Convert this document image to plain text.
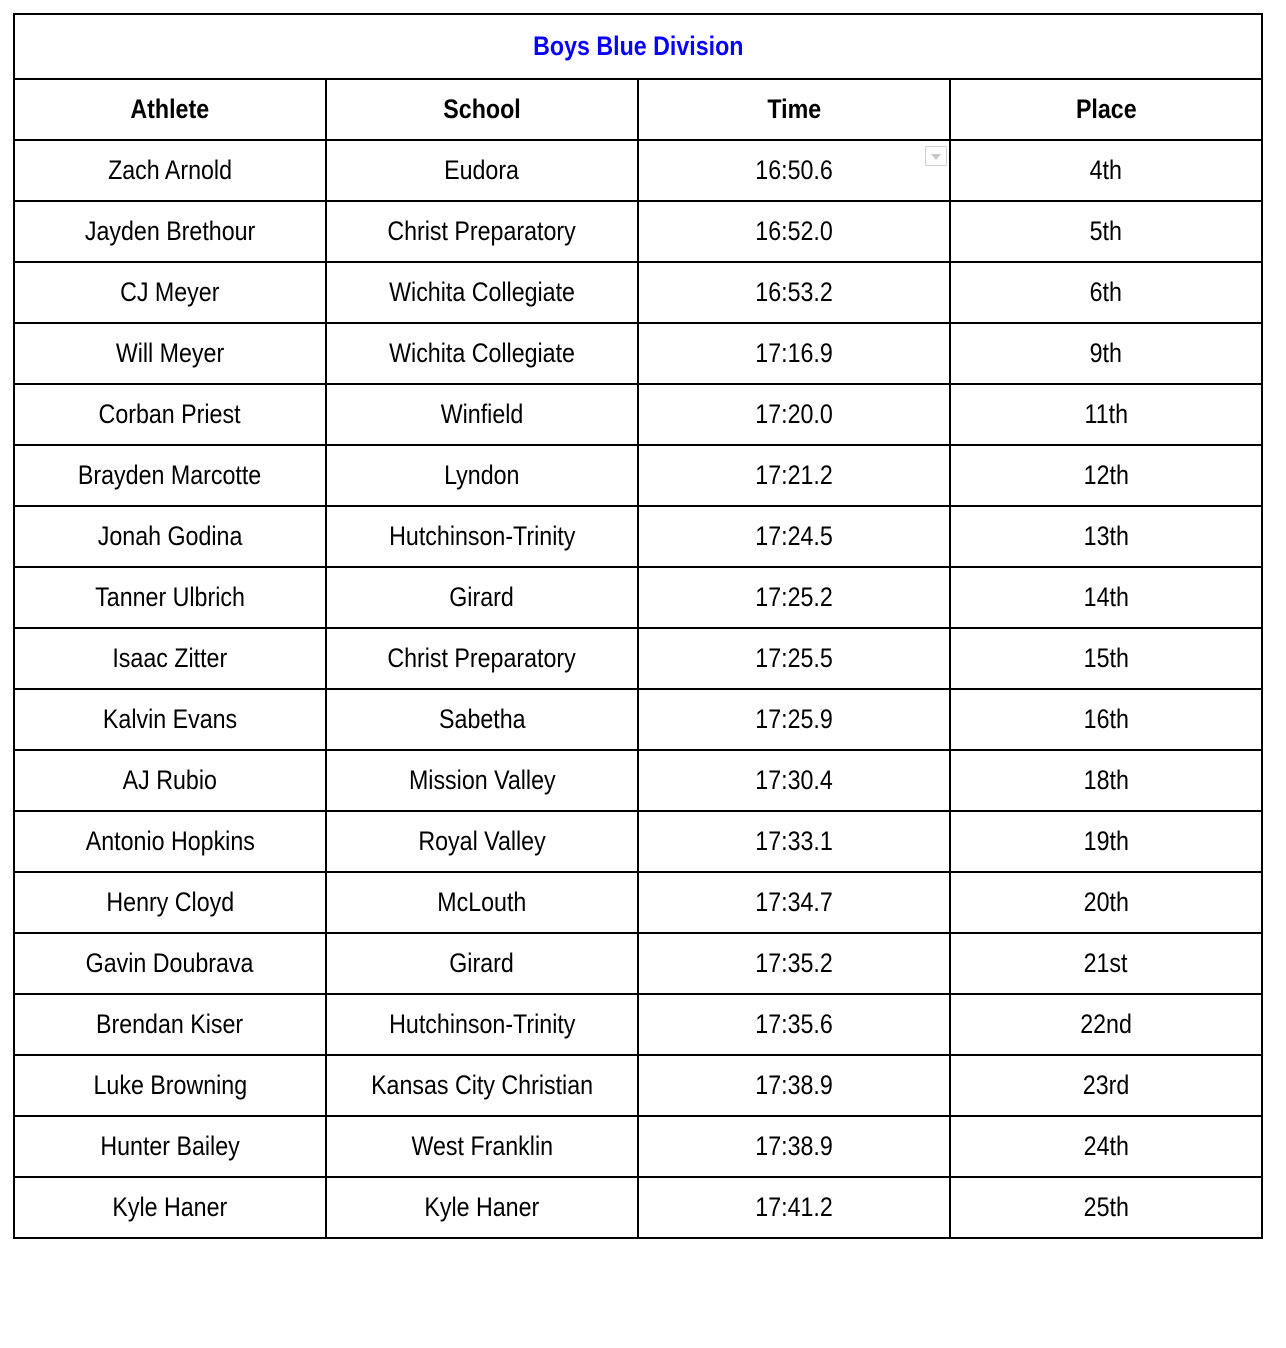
Boys Blue Division			
Athlete	School	Time	Place
Zach Arnold	Eudora	16:50.6	4th
Jayden Brethour	Christ Preparatory	16:52.0	5th
CJ Meyer	Wichita Collegiate	16:53.2	6th
Will Meyer	Wichita Collegiate	17:16.9	9th
Corban Priest	Winfield	17:20.0	11th
Brayden Marcotte	Lyndon	17:21.2	12th
Jonah Godina	Hutchinson-Trinity	17:24.5	13th
Tanner Ulbrich	Girard	17:25.2	14th
Isaac Zitter	Christ Preparatory	17:25.5	15th
Kalvin Evans	Sabetha	17:25.9	16th
AJ Rubio	Mission Valley	17:30.4	18th
Antonio Hopkins	Royal Valley	17:33.1	19th
Henry Cloyd	McLouth	17:34.7	20th
Gavin Doubrava	Girard	17:35.2	21st
Brendan Kiser	Hutchinson-Trinity	17:35.6	22nd
Luke Browning	Kansas City Christian	17:38.9	23rd
Hunter Bailey	West Franklin	17:38.9	24th
Kyle Haner	Kyle Haner	17:41.2	25th
